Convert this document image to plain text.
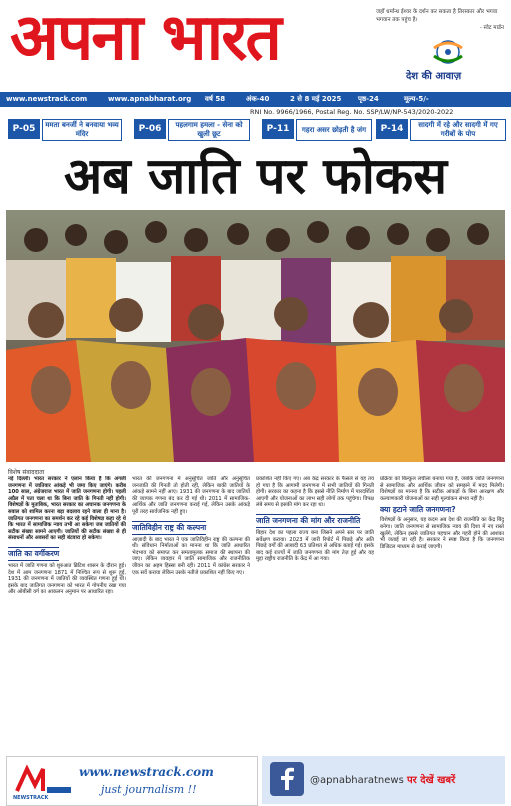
अपना भारत	जहाँ धर्मान्ध ईश्वर के दर्शन कर सकता है तिरस्कार और भगवा भगवान तक पहुंच है।
- स्वेट मार्डन
देश की आवाज़
www.newstrack.com	www.apnabharat.org वर्ष 58	अंक-40	2 से 8 मई 2025 पृष्ठ-24	मूल्य-5/-
RNI No. 9966/1966, Postal Reg. No. SSP/LW/NP-543/2020-2022
P-05	ममता बनर्जी ने बनवाया भव्य मंदिर	P-06	पहलगाम हमला - सेना को खुली छूट	P-11	गहरा असर छोड़ती है जंग	P-14	सादगी में रहे और सादगी में गए गरीबों के पोप
अब जाति पर फोकस
विशेष संवाददाता

नई दिल्ली। भारत सरकार ने एलान किया है कि अगली जनगणना में जातिवार आंकड़े भी जमा किए जाएंगे। करीब 100 साल, अंग्रेजराज भारत में जाति जनगणना होगी। पहली अप्रैल में पता चला था कि बिना जाति के गिनती नहीं होगी। विशेषज्ञों के मुताबिक, भारत सरकार का अचानक जनगणना के सवाल को शामिल करना बड़ा बदलाव रहने वाला ही माना है। जातिगत जनगणना का समर्थन कर रहे कई विशेषज्ञ कहा रहे थे कि भारत में सामाजिक न्याय तभी आ सकेगा जब जातियों की सटीक संख्या सामने आएगी। जातियों की सटीक संख्या से ही संसाधनों और अवसरों का सही बंटवारा हो सकेगा।

जाति का वर्गीकरण

भारत में जाति गणना को शुरुआत ब्रिटिश शासन के दौरान हुई। देश में आम जनगणना 1871 में निश्चित रूप से शुरू हुई, 1931 की जनगणना में जातियों की व्यवस्थित गणना हुई थी। इसके बाद जातिगत जनगणना को भारत में गोपनीय रखा गया और ओबीसी वर्ग का आकलन अनुमान पर आधारित रहा।

भारत की जनगणना में अनुसूचित जाति और अनुसूचित जनजाति की गिनती तो होती रही, लेकिन बाकी जातियों के आंकड़े सामने नहीं आए। 1931 की जनगणना के बाद जातियों की व्यापक गणना बंद कर दी गई थी। 2011 में सामाजिक-आर्थिक और जाति जनगणना कराई गई, लेकिन उसके आंकड़े पूरी तरह सार्वजनिक नहीं हुए।

जातिविहीन राष्ट्र की कल्पना

आज़ादी के बाद भारत ने एक जातिविहीन राष्ट्र की कल्पना की थी। संविधान निर्माताओं का मानना था कि जाति आधारित भेदभाव को समाप्त कर समतामूलक समाज की स्थापना की जाए। लेकिन व्यवहार में जाति सामाजिक और राजनीतिक जीवन का अहम हिस्सा बनी रही। 2011 में कांग्रेस सरकार ने एक सर्वे कराया लेकिन उसके नतीजे प्रकाशित नहीं किए गए।

प्रकाशित नहीं किए गए। अब केंद्र सरकार के फैसले से यह तय हो गया है कि आगामी जनगणना में सभी जातियों की गिनती होगी। सरकार का कहना है कि इससे नीति निर्माण में पारदर्शिता आएगी और योजनाओं का लाभ सही लोगों तक पहुंचेगा। विपक्ष लंबे समय से इसकी मांग कर रहा था।

जाति जनगणना की मांग और राजनीति

बिहार देश का पहला राज्य बना जिसने अपने स्तर पर जाति सर्वेक्षण कराया। 2023 में जारी रिपोर्ट में पिछड़े और अति पिछड़े वर्गों की आबादी 63 प्रतिशत से अधिक बताई गई। इसके बाद कई राज्यों में जाति जनगणना की मांग तेज़ हुई और यह मुद्दा राष्ट्रीय राजनीति के केंद्र में आ गया।

प्रक्रिया को बिल्कुल लचीला बनाया गया है, जबकि जाति जनगणना से सामाजिक और आर्थिक जीवन को समझने में मदद मिलेगी। विशेषज्ञों का मानना है कि सटीक आंकड़ों के बिना आरक्षण और कल्याणकारी योजनाओं का सही मूल्यांकन संभव नहीं है।

क्या हटाने जाति जनगणना?

विशेषज्ञों के अनुसार, यह कदम अब देश की राजनीति का केंद्र बिंदु बनेगा। जाति जनगणना से सामाजिक न्याय की दिशा में नए रास्ते खुलेंगे, लेकिन इससे जातिगत पहचान और गहरी होने की आशंका भी जताई जा रही है। सरकार ने स्पष्ट किया है कि जनगणना डिजिटल माध्यम से कराई जाएगी।

NEWSTRACK
www.newstrack.com
just journalism !!
@apnabharatnews पर देखें खबरें
